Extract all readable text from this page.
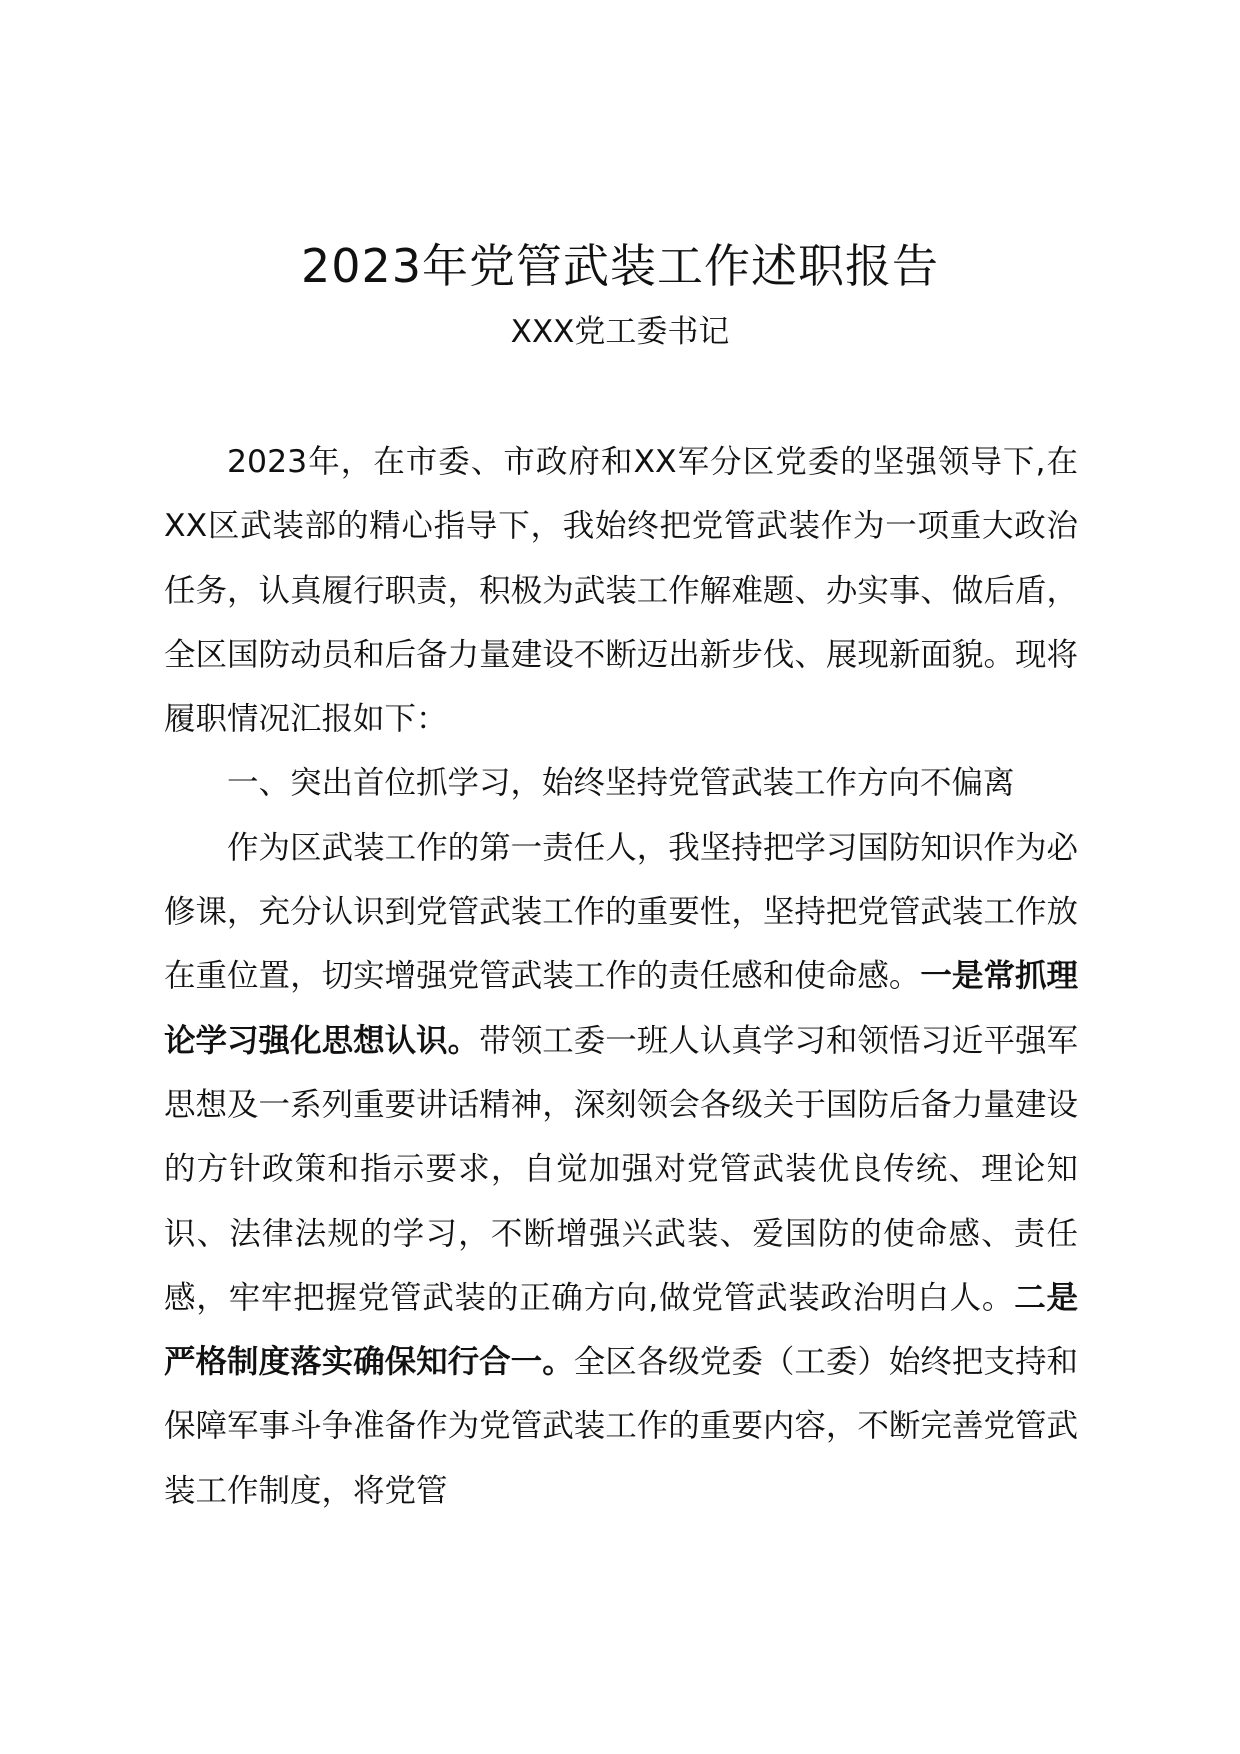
2023年党管武装工作述职报告
XXX党工委书记

2023年，在市委、市政府和XX军分区党委的坚强领导下,在XX区武装部的精心指导下，我始终把党管武装作为一项重大政治任务，认真履行职责，积极为武装工作解难题、办实事、做后盾，全区国防动员和后备力量建设不断迈出新步伐、展现新面貌。现将履职情况汇报如下：

一、突出首位抓学习，始终坚持党管武装工作方向不偏离

作为区武装工作的第一责任人，我坚持把学习国防知识作为必修课，充分认识到党管武装工作的重要性，坚持把党管武装工作放在重位置，切实增强党管武装工作的责任感和使命感。一是常抓理论学习强化思想认识。带领工委一班人认真学习和领悟习近平强军思想及一系列重要讲话精神，深刻领会各级关于国防后备力量建设的方针政策和指示要求，自觉加强对党管武装优良传统、理论知识、法律法规的学习，不断增强兴武装、爱国防的使命感、责任感，牢牢把握党管武装的正确方向,做党管武装政治明白人。二是严格制度落实确保知行合一。全区各级党委（工委）始终把支持和保障军事斗争准备作为党管武装工作的重要内容，不断完善党管武装工作制度，将党管
